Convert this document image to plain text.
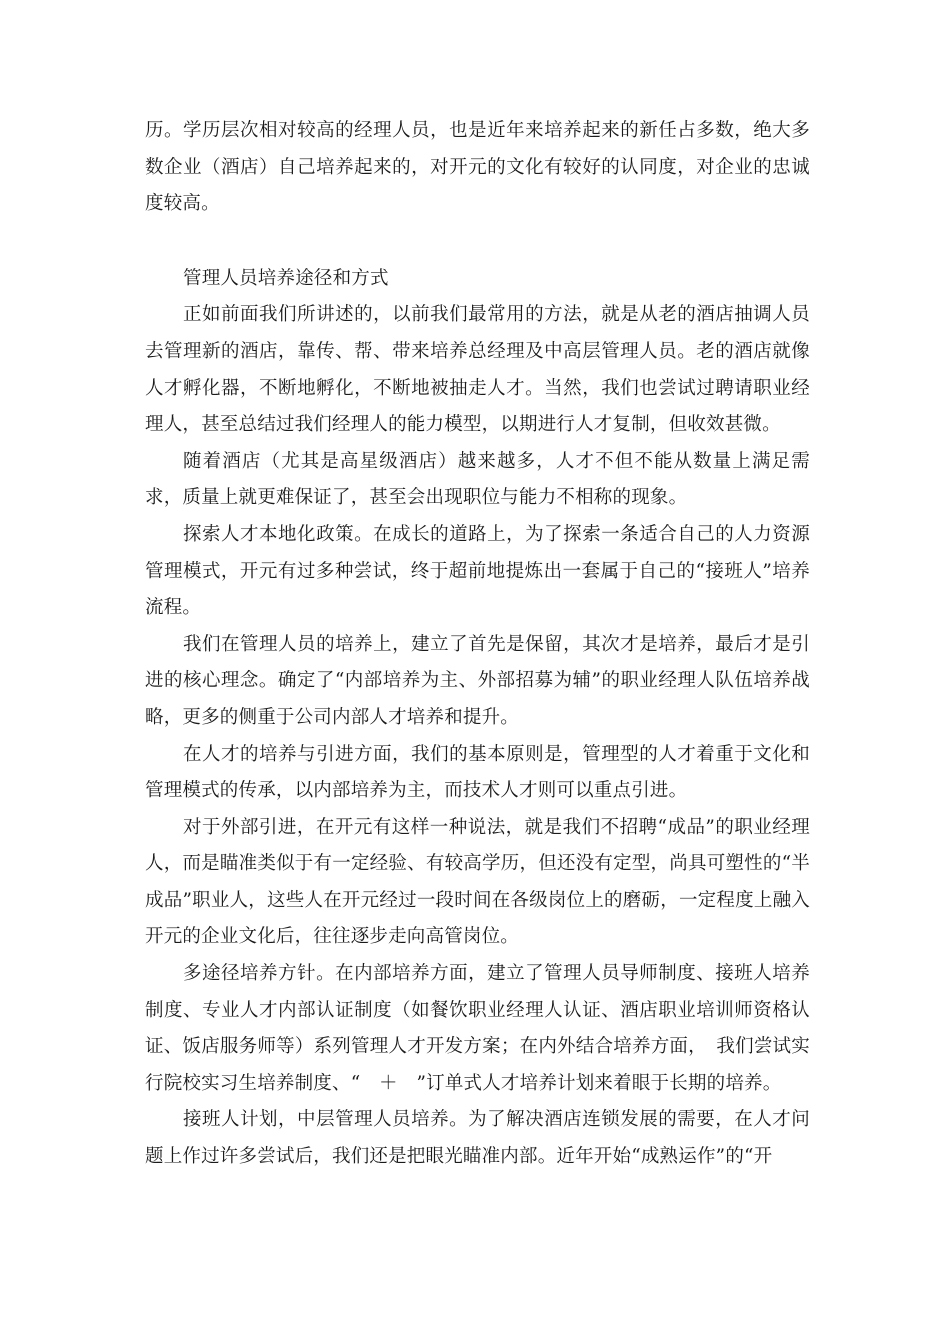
历。学历层次相对较高的经理人员，也是近年来培养起来的新任占多数，绝大多数企业（酒店）自己培养起来的，对开元的文化有较好的认同度，对企业的忠诚度较高。

管理人员培养途径和方式

正如前面我们所讲述的，以前我们最常用的方法，就是从老的酒店抽调人员去管理新的酒店，靠传、帮、带来培养总经理及中高层管理人员。老的酒店就像人才孵化器，不断地孵化，不断地被抽走人才。当然，我们也尝试过聘请职业经理人，甚至总结过我们经理人的能力模型，以期进行人才复制，但收效甚微。

随着酒店（尤其是高星级酒店）越来越多，人才不但不能从数量上满足需求，质量上就更难保证了，甚至会出现职位与能力不相称的现象。

探索人才本地化政策。在成长的道路上，为了探索一条适合自己的人力资源管理模式，开元有过多种尝试，终于超前地提炼出一套属于自己的“接班人”培养流程。

我们在管理人员的培养上，建立了首先是保留，其次才是培养，最后才是引进的核心理念。确定了“内部培养为主、外部招募为辅”的职业经理人队伍培养战略，更多的侧重于公司内部人才培养和提升。

在人才的培养与引进方面，我们的基本原则是，管理型的人才着重于文化和管理模式的传承，以内部培养为主，而技术人才则可以重点引进。

对于外部引进，在开元有这样一种说法，就是我们不招聘“成品”的职业经理人，而是瞄准类似于有一定经验、有较高学历，但还没有定型，尚具可塑性的“半成品”职业人，这些人在开元经过一段时间在各级岗位上的磨砺，一定程度上融入开元的企业文化后，往往逐步走向高管岗位。

多途径培养方针。在内部培养方面，建立了管理人员导师制度、接班人培养制度、专业人才内部认证制度（如餐饮职业经理人认证、酒店职业培训师资格认证、饭店服务师等）系列管理人才开发方案；在内外结合培养方面，　我们尝试实行院校实习生培养制度、“　＋　”订单式人才培养计划来着眼于长期的培养。

接班人计划，中层管理人员培养。为了解决酒店连锁发展的需要，在人才问题上作过许多尝试后，我们还是把眼光瞄准内部。近年开始“成熟运作”的“开
